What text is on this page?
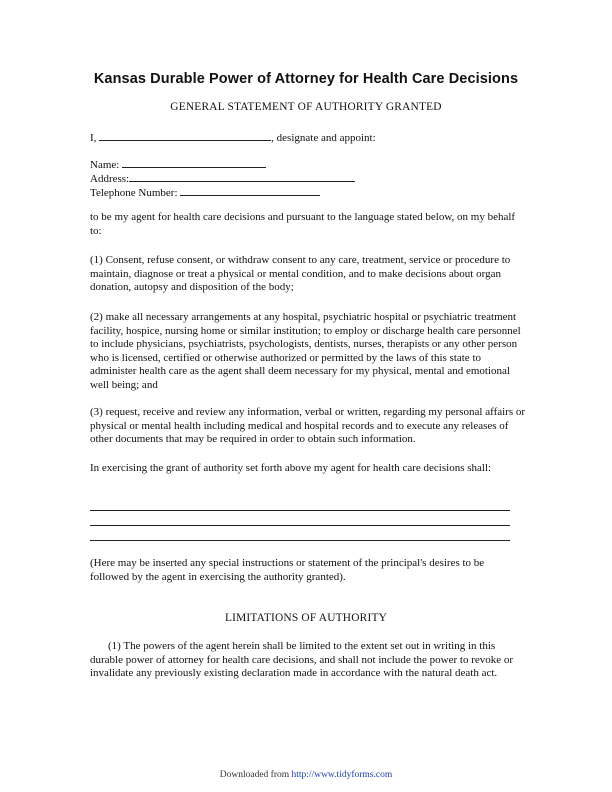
Kansas Durable Power of Attorney for Health Care Decisions
GENERAL STATEMENT OF AUTHORITY GRANTED
I,	, designate and appoint:
Name:
Address:
Telephone Number:
to be my agent for health care decisions and pursuant to the language stated below, on my behalf to:
(1) Consent, refuse consent, or withdraw consent to any care, treatment, service or procedure to maintain, diagnose or treat a physical or mental condition, and to make decisions about organ donation, autopsy and disposition of the body;
(2) make all necessary arrangements at any hospital, psychiatric hospital or psychiatric treatment facility, hospice, nursing home or similar institution; to employ or discharge health care personnel to include physicians, psychiatrists, psychologists, dentists, nurses, therapists or any other person who is licensed, certified or otherwise authorized or permitted by the laws of this state to administer health care as the agent shall deem necessary for my physical, mental and emotional well being; and
(3) request, receive and review any information, verbal or written, regarding my personal affairs or physical or mental health including medical and hospital records and to execute any releases of other documents that may be required in order to obtain such information.
In exercising the grant of authority set forth above my agent for health care decisions shall:
(Here may be inserted any special instructions or statement of the principal's desires to be followed by the agent in exercising the authority granted).
LIMITATIONS OF AUTHORITY
(1) The powers of the agent herein shall be limited to the extent set out in writing in this durable power of attorney for health care decisions, and shall not include the power to revoke or invalidate any previously existing declaration made in accordance with the natural death act.
Downloaded from http://www.tidyforms.com
